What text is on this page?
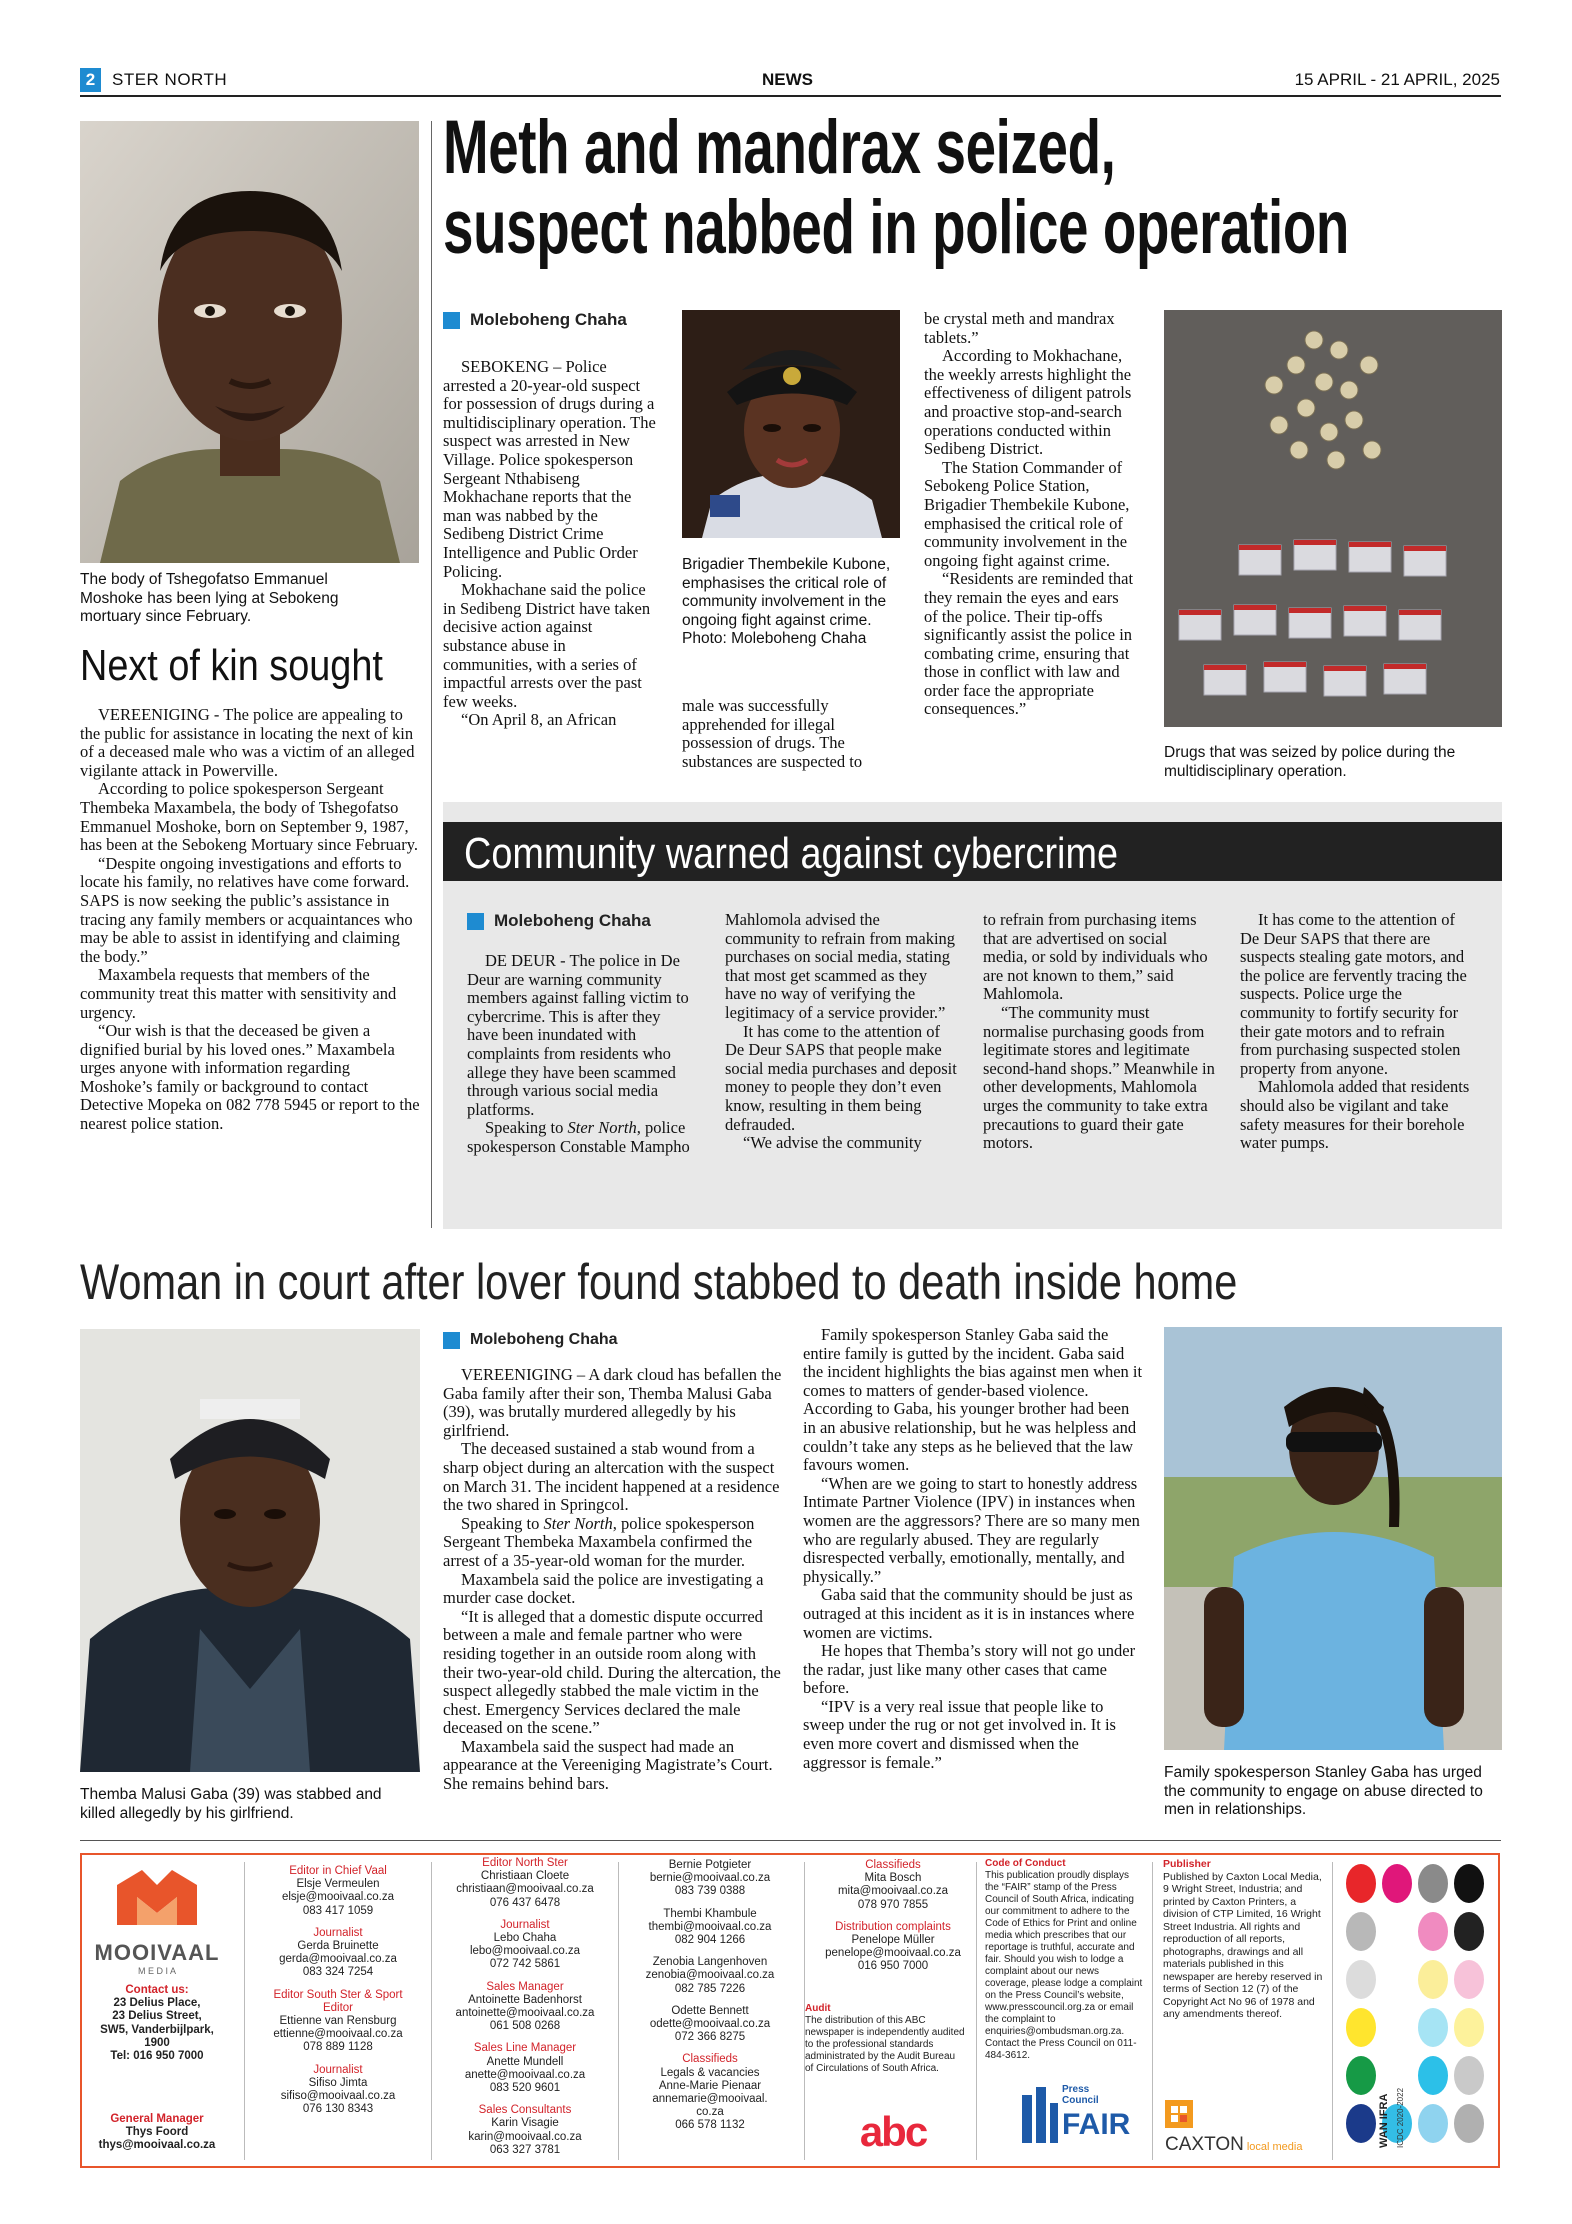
2 STER NORTH	NEWS	15 APRIL - 21 APRIL, 2025
The body of Tshegofatso Emmanuel Moshoke has been lying at Sebokeng mortuary since February.
Next of kin sought

VEREENIGING - The police are appealing to the public for assistance in locating the next of kin of a deceased male who was a victim of an alleged vigilante attack in Powerville.

According to police spokesperson Sergeant Thembeka Maxambela, the body of Tshegofatso Emmanuel Moshoke, born on September 9, 1987, has been at the Sebokeng Mortuary since February.

“Despite ongoing investigations and efforts to locate his family, no relatives have come forward. SAPS is now seeking the public’s assistance in tracing any family members or acquaintances who may be able to assist in identifying and claiming the body.”

Maxambela requests that members of the community treat this matter with sensitivity and urgency.

“Our wish is that the deceased be given a dignified burial by his loved ones.” Maxambela urges anyone with information regarding Moshoke’s family or background to contact Detective Mopeka on 082 778 5945 or report to the nearest police station.

Meth and mandrax seized,
suspect nabbed in police operation
Moleboheng Chaha

SEBOKENG – Police arrested a 20-year-old suspect for possession of drugs during a multidisciplinary operation. The suspect was arrested in New Village. Police spokesperson Sergeant Nthabiseng Mokhachane reports that the man was nabbed by the Sedibeng District Crime Intelligence and Public Order Policing.

Mokhachane said the police in Sedibeng District have taken decisive action against substance abuse in communities, with a series of impactful arrests over the past few weeks.

“On April 8, an African

Brigadier Thembekile Kubone, emphasises the critical role of community involvement in the ongoing fight against crime. Photo: Moleboheng Chaha

male was successfully apprehended for illegal possession of drugs. The substances are suspected to

be crystal meth and mandrax tablets.”

According to Mokhachane, the weekly arrests highlight the effectiveness of diligent patrols and proactive stop-and-search operations conducted within Sedibeng District.

The Station Commander of Sebokeng Police Station, Brigadier Thembekile Kubone, emphasised the critical role of community involvement in the ongoing fight against crime.

“Residents are reminded that they remain the eyes and ears of the police. Their tip-offs significantly assist the police in combating crime, ensuring that those in conflict with law and order face the appropriate consequences.”

Drugs that was seized by police during the multidisciplinary operation.
Community warned against cybercrime
Moleboheng Chaha

DE DEUR - The police in De Deur are warning community members against falling victim to cybercrime. This is after they have been inundated with complaints from residents who allege they have been scammed through various social media platforms.

Speaking to Ster North, police spokesperson Constable Mampho

Mahlomola advised the community to refrain from making purchases on social media, stating that most get scammed as they have no way of verifying the legitimacy of a service provider.”

It has come to the attention of De Deur SAPS that people make social media purchases and deposit money to people they don’t even know, resulting in them being defrauded.

“We advise the community

to refrain from purchasing items that are advertised on social media, or sold by individuals who are not known to them,” said Mahlomola.

“The community must normalise purchasing goods from legitimate stores and legitimate second-hand shops.” Meanwhile in other developments, Mahlomola urges the community to take extra precautions to guard their gate motors.

It has come to the attention of De Deur SAPS that there are suspects stealing gate motors, and the police are fervently tracing the suspects. Police urge the community to fortify security for their gate motors and to refrain from purchasing suspected stolen property from anyone.

Mahlomola added that residents should also be vigilant and take safety measures for their borehole water pumps.

Woman in court after lover found stabbed to death inside home
Themba Malusi Gaba (39) was stabbed and killed allegedly by his girlfriend.
Moleboheng Chaha

VEREENIGING – A dark cloud has befallen the Gaba family after their son, Themba Malusi Gaba (39), was brutally murdered allegedly by his girlfriend.

The deceased sustained a stab wound from a sharp object during an altercation with the suspect on March 31. The incident happened at a residence the two shared in Springcol.

Speaking to Ster North, police spokesperson Sergeant Thembeka Maxambela confirmed the arrest of a 35-year-old woman for the murder.

Maxambela said the police are investigating a murder case docket.

“It is alleged that a domestic dispute occurred between a male and female partner who were residing together in an outside room along with their two-year-old child. During the altercation, the suspect allegedly stabbed the male victim in the chest. Emergency Services declared the male deceased on the scene.”

Maxambela said the suspect had made an appearance at the Vereeniging Magistrate’s Court. She remains behind bars.

Family spokesperson Stanley Gaba said the entire family is gutted by the incident. Gaba said the incident highlights the bias against men when it comes to matters of gender-based violence. According to Gaba, his younger brother had been in an abusive relationship, but he was helpless and couldn’t take any steps as he believed that the law favours women.

“When are we going to start to honestly address Intimate Partner Violence (IPV) in instances when women are the aggressors? There are so many men who are regularly abused. They are regularly disrespected verbally, emotionally, mentally, and physically.”

Gaba said that the community should be just as outraged at this incident as it is in instances where women are victims.

He hopes that Themba’s story will not go under the radar, just like many other cases that came before.

“IPV is a very real issue that people like to sweep under the rug or not get involved in. It is even more covert and dismissed when the aggressor is female.”

Family spokesperson Stanley Gaba has urged the community to engage on abuse directed to men in relationships.
MOOIVAAL
M E D I A
Contact us:
23 Delius Place,
23 Delius Street,
SW5, Vanderbijlpark,
1900
Tel: 016 950 7000
General Manager
Thys Foord
thys@mooivaal.co.za
Editor in Chief Vaal
Elsje Vermeulen
elsje@mooivaal.co.za
083 417 1059
Journalist
Gerda Bruinette
gerda@mooivaal.co.za
083 324 7254
Editor South Ster & Sport Editor
Ettienne van Rensburg
ettienne@mooivaal.co.za
078 889 1128
Journalist
Sifiso Jimta
sifiso@mooivaal.co.za
076 130 8343
Editor North Ster
Christiaan Cloete
christiaan@mooivaal.co.za
076 437 6478
Journalist
Lebo Chaha
lebo@mooivaal.co.za
072 742 5861
Sales Manager
Antoinette Badenhorst
antoinette@mooivaal.co.za
061 508 0268
Sales Line Manager
Anette Mundell
anette@mooivaal.co.za
083 520 9601
Sales Consultants
Karin Visagie
karin@mooivaal.co.za
063 327 3781
Bernie Potgieter
bernie@mooivaal.co.za
083 739 0388
Thembi Khambule
thembi@mooivaal.co.za
082 904 1266
Zenobia Langenhoven
zenobia@mooivaal.co.za
082 785 7226
Odette Bennett
odette@mooivaal.co.za
072 366 8275
Classifieds
Legals & vacancies
Anne-Marie Pienaar
annemarie@mooivaal.
co.za
066 578 1132
Classifieds
Mita Bosch
mita@mooivaal.co.za
078 970 7855
Distribution complaints
Penelope Müller
penelope@mooivaal.co.za
016 950 7000
Audit
The distribution of this ABC newspaper is independently audited to the professional standards administrated by the Audit Bureau of Circulations of South Africa.
abc
Code of Conduct
This publication proudly displays the “FAIR” stamp of the Press Council of South Africa, indicating our commitment to adhere to the Code of Ethics for Print and online media which prescribes that our reportage is truthful, accurate and fair. Should you wish to lodge a complaint about our news coverage, please lodge a complaint on the Press Council’s website, www.presscouncil.org.za or email the complaint to enquiries@ombudsman.org.za. Contact the Press Council on 011-484-3612.
Press Council
FAIR
Publisher
Published by Caxton Local Media, 9 Wright Street, Industria; and printed by Caxton Printers, a division of CTP Limited, 16 Wright Street Industria. All rights and reproduction of all reports, photographs, drawings and all materials published in this newspaper are hereby reserved in terms of Section 12 (7) of the Copyright Act No 96 of 1978 and any amendments thereof.
CAXTON local media	WAN IFRA ICDC 2020-2022
